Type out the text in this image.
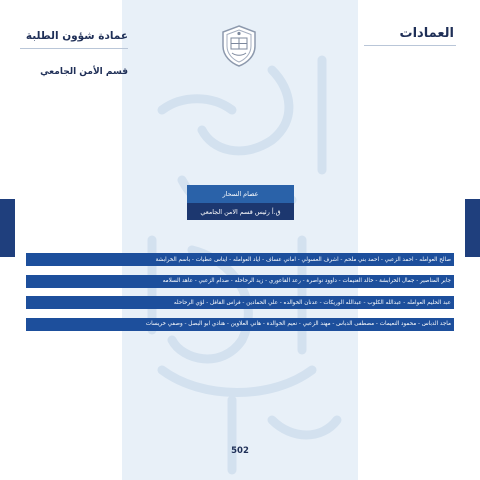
العمادات
عمادة شؤون الطلبة
قسم الأمن الجامعي
عصام السحار
ق.أ رئيس قسم الامن الجامعي
صالح العوامله - احمد الزعبي - احمد بني ملحم - اشرف العسولي - اماني عساف - اياد العوامله - ايناس عطيات - باسم الخرابشة
جابر المناصير - جمال الخرابشة - خالد الغنيمات - داوود نواصرة - رعد القاعوري - زيد الرحاحله - صدام الزعبي - عاهد السلامه
عبد الحليم العوامله - عبدالله الكلوب - عبدالله الوريكات - عدنان الخوالده - علي الحمادين - فراس القافل - لؤي الرحاحله
ماجد الدباس - محمود النعيمات - مصطفى الدباس - مهند الزعبي - نعيم الخوالدة - هاني العلاوين - هنادي ابو البصل - وصفي خريسات
502
